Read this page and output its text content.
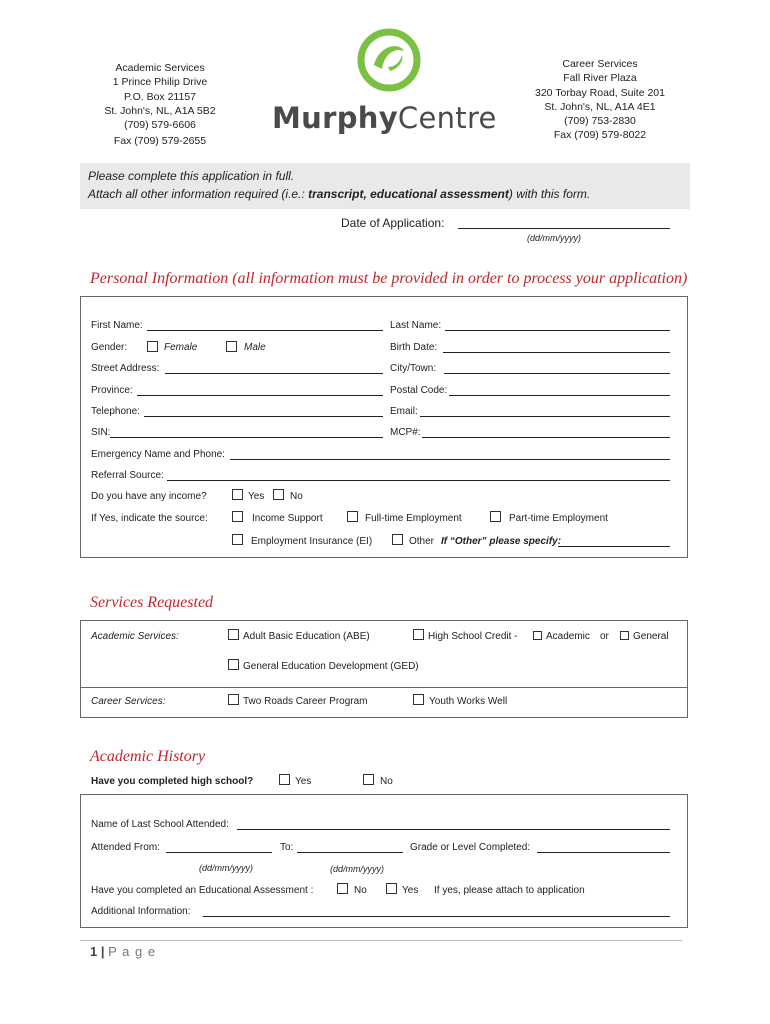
Academic Services
1 Prince Philip Drive
P.O. Box 21157
St. John's, NL, A1A 5B2
(709) 579-6606
Fax (709) 579-2655
Career Services
Fall River Plaza
320 Torbay Road, Suite 201
St. John's, NL, A1A 4E1
(709) 753-2830
Fax (709) 579-8022
MurphyCentre
Please complete this application in full.
Attach all other information required (i.e.: transcript, educational assessment) with this form.
Date of Application:
(dd/mm/yyyy)
Personal Information (all information must be provided in order to process your application)
First Name:	Last Name:
Gender:	Female	Male	Birth Date:
Street Address:	City/Town:
Province:	Postal Code:
Telephone:	Email:
SIN:	MCP#:
Emergency Name and Phone:
Referral Source:
Do you have any income?	Yes	No
If Yes, indicate the source:	Income Support	Full-time Employment	Part-time Employment
Employment Insurance (EI)	Other If “Other” please specify:
Services Requested
Academic Services:	Adult Basic Education (ABE)	High School Credit -	Academic or General
General Education Development (GED)
Career Services:	Two Roads Career Program	Youth Works Well
Academic History
Have you completed high school?	Yes	No
Name of Last School Attended:
Attended From:	To:	Grade or Level Completed:
(dd/mm/yyyy)	(dd/mm/yyyy)
Have you completed an Educational Assessment :	No	Yes If yes, please attach to application
Additional Information:
1 | P a g e
